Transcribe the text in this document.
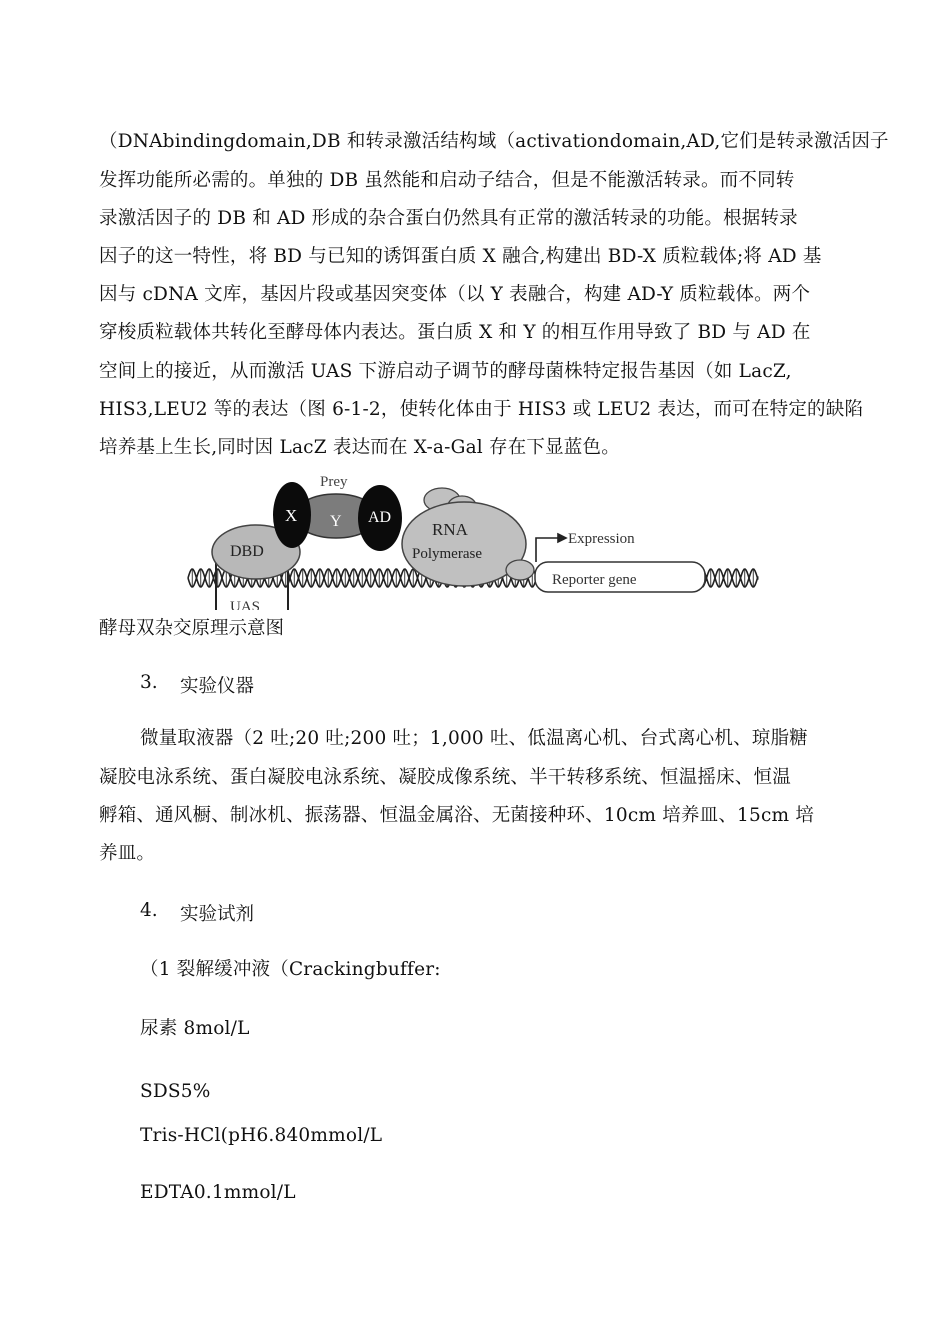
（DNAbindingdomain,DB 和转录激活结构域（activationdomain,AD,它们是转录激活因子
发挥功能所必需的。单独的 DB 虽然能和启动子结合，但是不能激活转录。而不同转
录激活因子的 DB 和 AD 形成的杂合蛋白仍然具有正常的激活转录的功能。根据转录
因子的这一特性，将 BD 与已知的诱饵蛋白质 X 融合,构建出 BD-X 质粒载体;将 AD 基
因与 cDNA 文库，基因片段或基因突变体（以 Y 表融合，构建 AD-Y 质粒载体。两个
穿梭质粒载体共转化至酵母体内表达。蛋白质 X 和 Y 的相互作用导致了 BD 与 AD 在
空间上的接近，从而激活 UAS 下游启动子调节的酵母菌株特定报告基因（如 LacZ,
HIS3,LEU2 等的表达（图 6-1-2，使转化体由于 HIS3 或 LEU2 表达，而可在特定的缺陷
培养基上生长,同时因 LacZ 表达而在 X-a-Gal 存在下显蓝色。
UAS
DBD
Y
Prey
X
RNA
Polymerase
AD
Reporter gene
Expression
酵母双杂交原理示意图
3. 实验仪器
微量取液器（2 吐;20 吐;200 吐；1,000 吐、低温离心机、台式离心机、琼脂糖
凝胶电泳系统、蛋白凝胶电泳系统、凝胶成像系统、半干转移系统、恒温摇床、恒温
孵箱、通风橱、制冰机、振荡器、恒温金属浴、无菌接种环、10cm 培养皿、15cm 培
养皿。
4. 实验试剂
（1 裂解缓冲液（Crackingbuffer:
尿素 8mol/L
SDS5%
Tris-HCl(pH6.840mmol/L
EDTA0.1mmol/L
